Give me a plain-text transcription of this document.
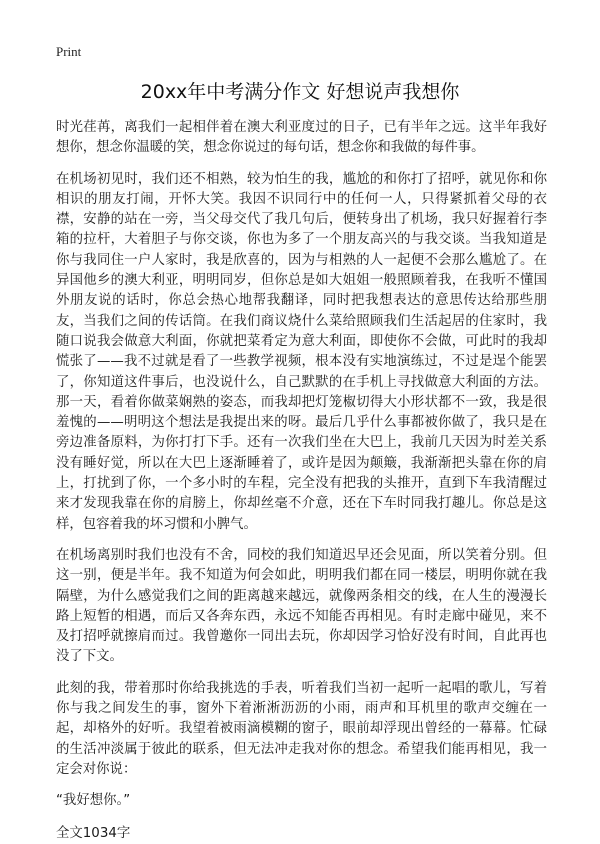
Print
20xx年中考满分作文 好想说声我想你

时光荏苒，离我们一起相伴着在澳大利亚度过的日子，已有半年之远。这半年我好想你，想念你温暖的笑，想念你说过的每句话，想念你和我做的每件事。

在机场初见时，我们还不相熟，较为怕生的我，尴尬的和你打了招呼，就见你和你相识的朋友打闹，开怀大笑。我因不识同行中的任何一人，只得紧抓着父母的衣襟，安静的站在一旁，当父母交代了我几句后，便转身出了机场，我只好握着行李箱的拉杆，大着胆子与你交谈，你也为多了一个朋友高兴的与我交谈。当我知道是你与我同住一户人家时，我是欣喜的，因为与相熟的人一起便不会那么尴尬了。在异国他乡的澳大利亚，明明同岁，但你总是如大姐姐一般照顾着我，在我听不懂国外朋友说的话时，你总会热心地帮我翻译，同时把我想表达的意思传达给那些朋友，当我们之间的传话筒。在我们商议烧什么菜给照顾我们生活起居的住家时，我随口说我会做意大利面，你就把菜肴定为意大利面，即使你不会做，可此时的我却慌张了——我不过就是看了一些教学视频，根本没有实地演练过，不过是逞个能罢了，你知道这件事后，也没说什么，自己默默的在手机上寻找做意大利面的方法。那一天，看着你做菜娴熟的姿态，而我却把灯笼椒切得大小形状都不一致，我是很羞愧的——明明这个想法是我提出来的呀。最后几乎什么事都被你做了，我只是在旁边准备原料，为你打打下手。还有一次我们坐在大巴上，我前几天因为时差关系没有睡好觉，所以在大巴上逐渐睡着了，或许是因为颠簸，我渐渐把头靠在你的肩上，打扰到了你，一个多小时的车程，完全没有把我的头推开，直到下车我清醒过来才发现我靠在你的肩膀上，你却丝毫不介意，还在下车时同我打趣儿。你总是这样，包容着我的坏习惯和小脾气。

在机场离别时我们也没有不舍，同校的我们知道迟早还会见面，所以笑着分别。但这一别，便是半年。我不知道为何会如此，明明我们都在同一楼层，明明你就在我隔壁，为什么感觉我们之间的距离越来越远，就像两条相交的线，在人生的漫漫长路上短暂的相遇，而后又各奔东西，永远不知能否再相见。有时走廊中碰见，来不及打招呼就擦肩而过。我曾邀你一同出去玩，你却因学习恰好没有时间，自此再也没了下文。

此刻的我，带着那时你给我挑选的手表，听着我们当初一起听一起唱的歌儿，写着你与我之间发生的事，窗外下着淅淅沥沥的小雨，雨声和耳机里的歌声交缠在一起，却格外的好听。我望着被雨滴模糊的窗子，眼前却浮现出曾经的一幕幕。忙碌的生活冲淡属于彼此的联系，但无法冲走我对你的想念。希望我们能再相见，我一定会对你说：

“我好想你。”

全文1034字
